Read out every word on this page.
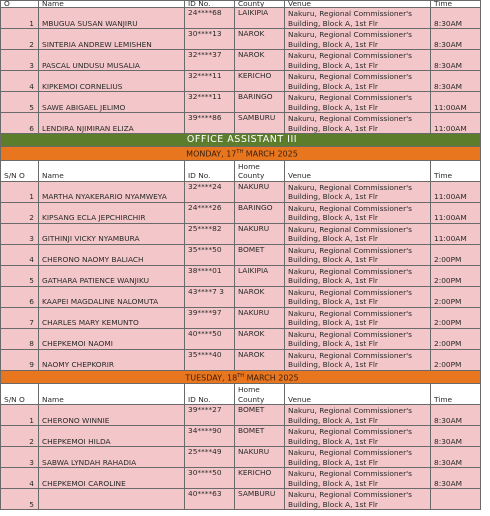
O	Name	ID No.	County	Venue	Time
1	MBUGUA SUSAN WANJIRU	24****68	LAIKIPIA	Nakuru, Regional Commissioner's Building, Block A, 1st Flr	8:30AM
2	SINTERIA ANDREW LEMISHEN	30****13	NAROK	Nakuru, Regional Commissioner's Building, Block A, 1st Flr	8:30AM
3	PASCAL UNDUSU MUSALIA	32****37	NAROK	Nakuru, Regional Commissioner's Building, Block A, 1st Flr	8:30AM
4	KIPKEMOI CORNELIUS	32****11	KERICHO	Nakuru, Regional Commissioner's Building, Block A, 1st Flr	8:30AM
5	SAWE ABIGAEL JELIMO	32****11	BARINGO	Nakuru, Regional Commissioner's Building, Block A, 1st Flr	11:00AM
6	LENDIRA NJIMIRAN ELIZA	39****86	SAMBURU	Nakuru, Regional Commissioner's Building, Block A, 1st Flr	11:00AM
OFFICE ASSISTANT III					
MONDAY, 17TH MARCH 2025					
S/N O	Name	ID No.	Home County	Venue	Time
1	MARTHA NYAKERARIO NYAMWEYA	32****24	NAKURU	Nakuru, Regional Commissioner's Building, Block A, 1st Flr	11:00AM
2	KIPSANG ECLA JEPCHIRCHIR	24****26	BARINGO	Nakuru, Regional Commissioner's Building, Block A, 1st Flr	11:00AM
3	GITHINJI VICKY NYAMBURA	25****82	NAKURU	Nakuru, Regional Commissioner's Building, Block A, 1st Flr	11:00AM
4	CHERONO NAOMY BALIACH	35****50	BOMET	Nakuru, Regional Commissioner's Building, Block A, 1st Flr	2:00PM
5	GATHARA PATIENCE WANJIKU	38****01	LAIKIPIA	Nakuru, Regional Commissioner's Building, Block A, 1st Flr	2:00PM
6	KAAPEI MAGDALINE NALOMUTA	43****7 3	NAROK	Nakuru, Regional Commissioner's Building, Block A, 1st Flr	2:00PM
7	CHARLES MARY KEMUNTO	39****97	NAKURU	Nakuru, Regional Commissioner's Building, Block A, 1st Flr	2:00PM
8	CHEPKEMOI NAOMI	40****50	NAROK	Nakuru, Regional Commissioner's Building, Block A, 1st Flr	2:00PM
9	NAOMY CHEPKORIR	35****40	NAROK	Nakuru, Regional Commissioner's Building, Block A, 1st Flr	2:00PM
TUESDAY, 18TH MARCH 2025					
S/N O	Name	ID No.	Home County	Venue	Time
1	CHERONO WINNIE	39****27	BOMET	Nakuru, Regional Commissioner's Building, Block A, 1st Flr	8:30AM
2	CHEPKEMOI HILDA	34****90	BOMET	Nakuru, Regional Commissioner's Building, Block A, 1st Flr	8:30AM
3	SABWA LYNDAH RAHADIA	25****49	NAKURU	Nakuru, Regional Commissioner's Building, Block A, 1st Flr	8:30AM
4	CHEPKEMOI CAROLINE	30****50	KERICHO	Nakuru, Regional Commissioner's Building, Block A, 1st Flr	8:30AM
5		40****63	SAMBURU	Nakuru, Regional Commissioner's Building, Block A, 1st Flr	
